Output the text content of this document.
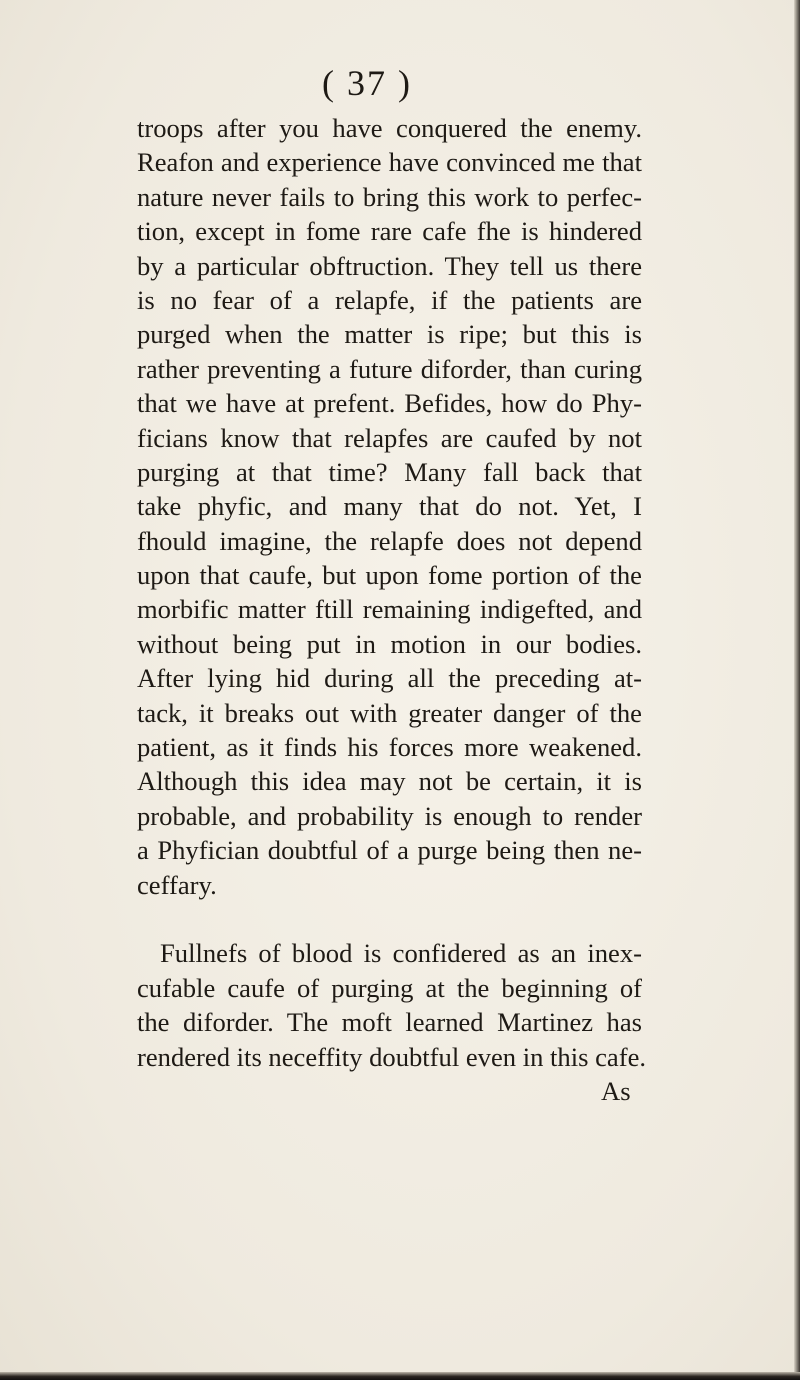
( 37 )
troops after you have conquered the enemy.
Reafon and experience have convinced me that
nature never fails to bring this work to perfec-
tion, except in fome rare cafe fhe is hindered
by a particular obftruction. They tell us there
is no fear of a relapfe, if the patients are
purged when the matter is ripe; but this is
rather preventing a future diforder, than curing
that we have at prefent. Befides, how do Phy-
ficians know that relapfes are caufed by not
purging at that time? Many fall back that
take phyfic, and many that do not. Yet, I
fhould imagine, the relapfe does not depend
upon that caufe, but upon fome portion of the
morbific matter ftill remaining indigefted, and
without being put in motion in our bodies.
After lying hid during all the preceding at-
tack, it breaks out with greater danger of the
patient, as it finds his forces more weakened.
Although this idea may not be certain, it is
probable, and probability is enough to render
a Phyfician doubtful of a purge being then ne-
ceffary.
Fullnefs of blood is confidered as an inex-
cufable caufe of purging at the beginning of
the diforder. The moft learned Martinez has
rendered its neceffity doubtful even in this cafe.
As
